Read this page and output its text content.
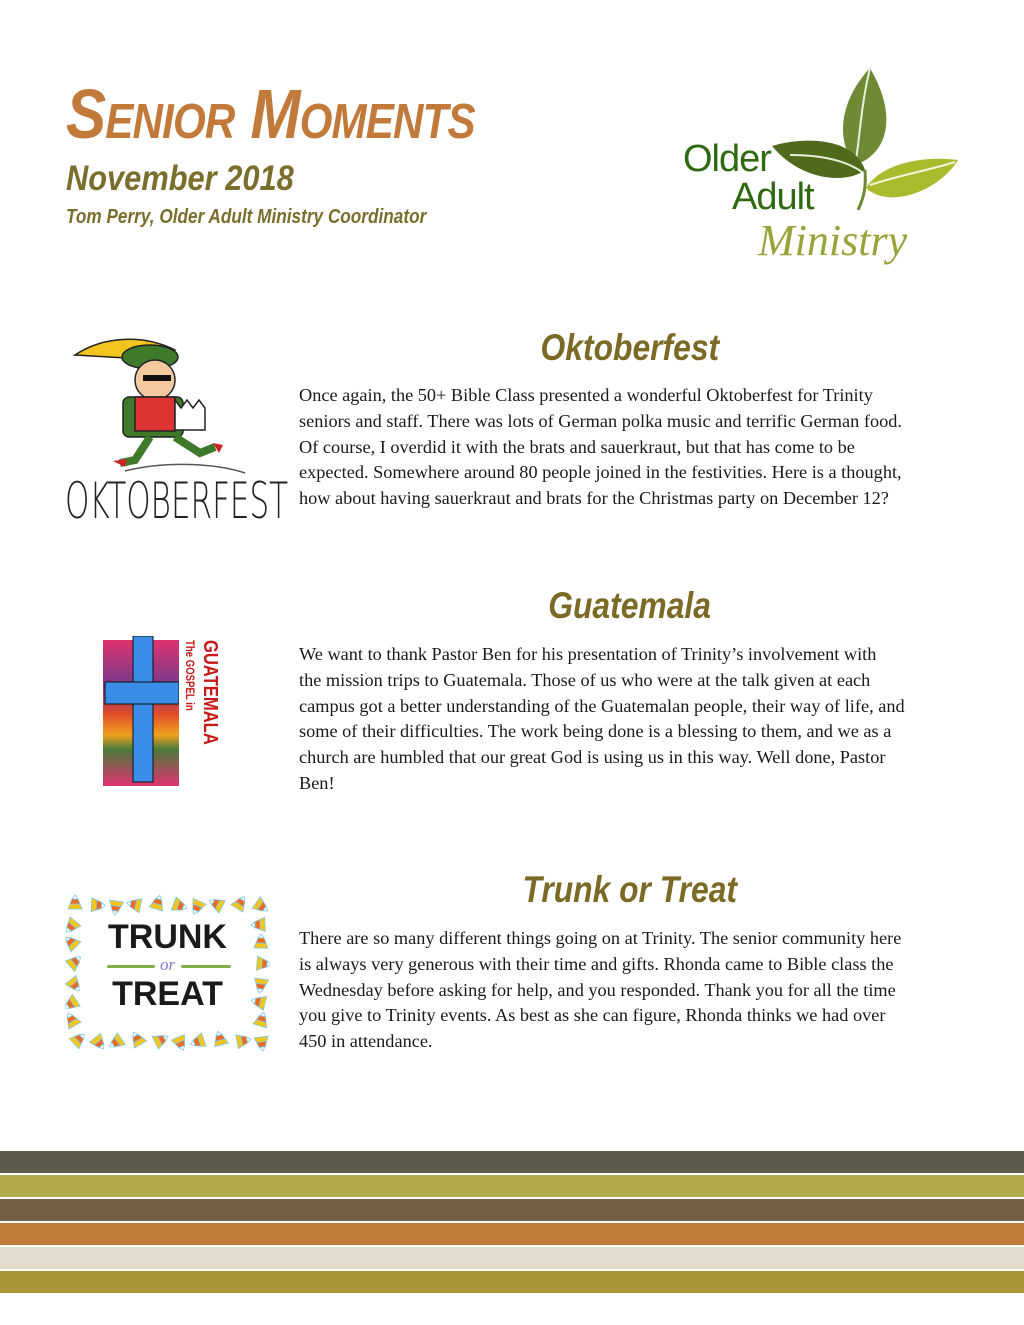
Senior Moments
November 2018
Tom Perry, Older Adult Ministry Coordinator
Older
Adult
Ministry
OKTOBERFEST
The GOSPEL in GUATEMALA
TRUNK
or
TREAT
Oktoberfest
Once again, the 50+ Bible Class presented a wonderful Oktoberfest for Trinity
seniors and staff. There was lots of German polka music and terrific German food.
Of course, I overdid it with the brats and sauerkraut, but that has come to be
expected. Somewhere around 80 people joined in the festivities. Here is a thought,
how about having sauerkraut and brats for the Christmas party on December 12?
Guatemala
We want to thank Pastor Ben for his presentation of Trinity’s involvement with
the mission trips to Guatemala. Those of us who were at the talk given at each
campus got a better understanding of the Guatemalan people, their way of life, and
some of their difficulties. The work being done is a blessing to them, and we as a
church are humbled that our great God is using us in this way. Well done, Pastor
Ben!
Trunk or Treat
There are so many different things going on at Trinity. The senior community here
is always very generous with their time and gifts. Rhonda came to Bible class the
Wednesday before asking for help, and you responded. Thank you for all the time
you give to Trinity events. As best as she can figure, Rhonda thinks we had over
450 in attendance.
